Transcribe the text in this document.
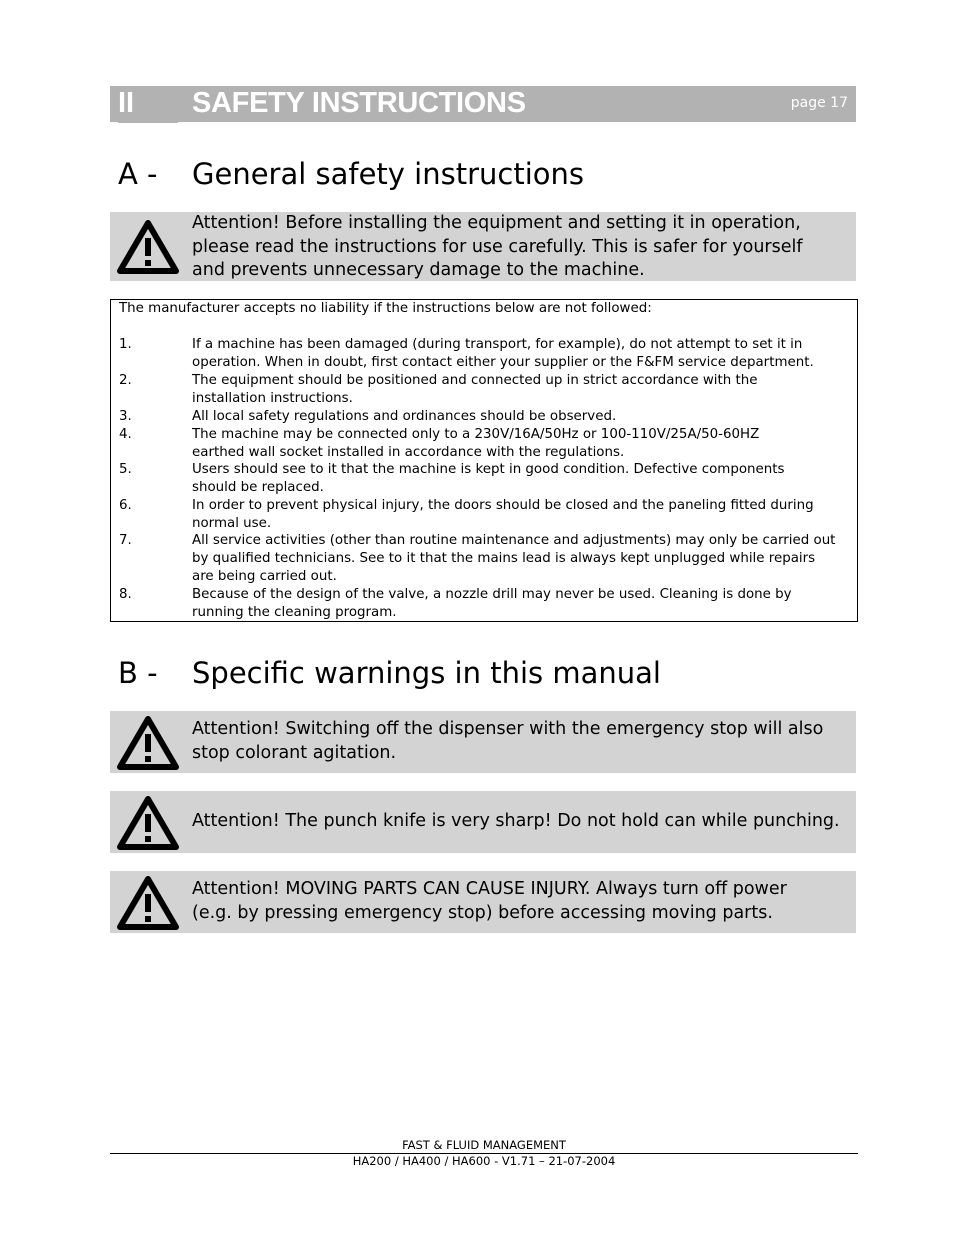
II SAFETY INSTRUCTIONS	page 17
A - General safety instructions
Attention! Before installing the equipment and setting it in operation,
please read the instructions for use carefully. This is safer for yourself
and prevents unnecessary damage to the machine.
The manufacturer accepts no liability if the instructions below are not followed:
1.	If a machine has been damaged (during transport, for example), do not attempt to set it in
operation. When in doubt, first contact either your supplier or the F&FM service department.
2.	The equipment should be positioned and connected up in strict accordance with the
installation instructions.
3.	All local safety regulations and ordinances should be observed.
4.	The machine may be connected only to a 230V/16A/50Hz or 100-110V/25A/50-60HZ
earthed wall socket installed in accordance with the regulations.
5.	Users should see to it that the machine is kept in good condition. Defective components
should be replaced.
6.	In order to prevent physical injury, the doors should be closed and the paneling fitted during
normal use.
7.	All service activities (other than routine maintenance and adjustments) may only be carried out
by qualified technicians. See to it that the mains lead is always kept unplugged while repairs
are being carried out.
8.	Because of the design of the valve, a nozzle drill may never be used. Cleaning is done by
running the cleaning program.
B - Specific warnings in this manual
Attention! Switching off the dispenser with the emergency stop will also
stop colorant agitation.
Attention! The punch knife is very sharp! Do not hold can while punching.
Attention! MOVING PARTS CAN CAUSE INJURY. Always turn off power
(e.g. by pressing emergency stop) before accessing moving parts.
FAST & FLUID MANAGEMENT
HA200 / HA400 / HA600 - V1.71 – 21-07-2004
